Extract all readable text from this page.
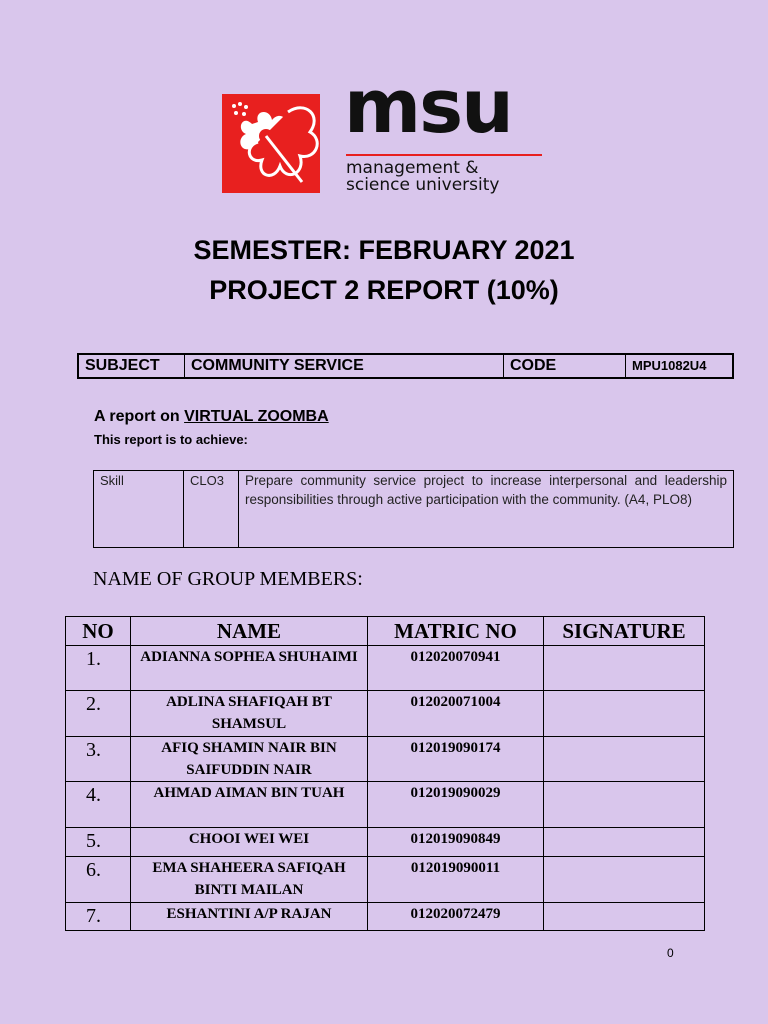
msu
management &
science university
SEMESTER: FEBRUARY 2021
PROJECT 2 REPORT (10%)
SUBJECT	COMMUNITY SERVICE	CODE	MPU1082U4
A report on VIRTUAL ZOOMBA
This report is to achieve:
Skill	CLO3	Prepare community service project to increase interpersonal and leadership responsibilities through active participation with the community. (A4, PLO8)
NAME OF GROUP MEMBERS:
NO	NAME	MATRIC NO	SIGNATURE
1.	ADIANNA SOPHEA SHUHAIMI	012020070941	
2.	ADLINA SHAFIQAH BT SHAMSUL	012020071004	
3.	AFIQ SHAMIN NAIR BIN SAIFUDDIN NAIR	012019090174	
4.	AHMAD AIMAN BIN TUAH	012019090029	
5.	CHOOI WEI WEI	012019090849	
6.	EMA SHAHEERA SAFIQAH BINTI MAILAN	012019090011	
7.	ESHANTINI A/P RAJAN	012020072479	
0
